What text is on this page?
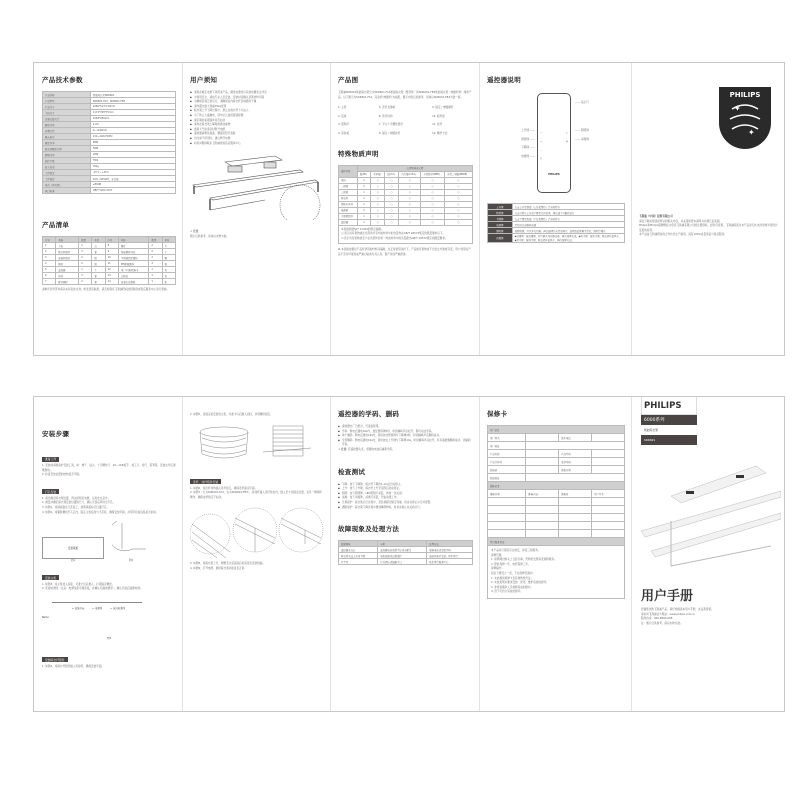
产品技术参数
产品名称	智能晾衣架SDR601
产品型号	SDR601-FA3、SDR601-FB3
产品尺寸	2280*513*110mm
主机尺寸	1174*358*75mm
安装孔距尺寸	1048*280mm
额定功率	2.2m
升降行程	0~1190mm
输入电压	220~240V/50Hz
额定功率	88W
晾衣架额定功率	58W
照明功率	18W
防护等级	TW2
最大荷重	35kg
工作温度	-15℃~+45℃
工作湿度	10%~90%RH，无冷凝
噪音（声压级）	≤65dB
执行标准	QB/T 5202-2017
产品清单
序号	名称	数量	单位	序号	名称	数量	单位
1	主机	1	台	8	螺钉	2	片
2	晾衣杆组件	2	套	9	伸缩横杆挂扣	2	个
3	连接杆组件	2	根	10	不锈钢固定螺栓	2	颗
4	横杆	2	根	11	M5膨胀螺栓	4	套
5	遥控器	1	个	12	用户手册/保修卡	1	份
6	挂钩	2	套	13	合格证	1	份
7	配件螺栓	2	套	14	安装孔位模板	1	张
清单所列零部件请以实际包装为准，如发现有缺损，请及时联系飞利浦授权的经销商或售后服务中心进行更换。
用户须知
● 请用在额定电源下使用本产品，避免电源线与其他电器发生冲突
● 为使用安全，请由专业人员安装，安装时需确认顶部结构牢固
● 为确保负载正常运行，请确保室内晾衣杆区域通风干燥
● 请勿超过最大荷重35kg使用
● 晾衣架上升下降过程中，禁止在晾衣杆下方站人
● 为了防止儿童触电，请勿让儿童玩耍遥控器
● 请定期检查紧固件是否松动
● 请勿在晾衣架上攀爬或悬挂重物
● 雷雨天气时请及时断开电源
● 遥控器请避免高温、潮湿及阳光直射
● 长时间不使用时，建议断开电源
● 如有问题请联系飞利浦授权售后服务中心
⚠ 注意
图示仅供参考，具体以实物为准。
产品图
飞利浦SDR601智能晾衣架分为SDR601-FA3智能晾衣架（整杆款）和SDR601-FB3智能晾衣架（伸缩杆款）两款产品，以下图示为SDR601-FA3，其余杆(伸缩杆)为标配，图示内容仅供参考，具体以SDR601-FB3为准一版。
1. 主机	5. 连杆支撑板	9. 固定 / 伸缩横杆
2. 底座	6. 连杆挂钩	10. 晾杆座
3. 照明灯	7. 平头十字螺丝组件	11. 挂杆
4. 顶装板	8. 固定 / 伸缩挂杆	12. 侧杆卡扣
特殊物质声明
部件名称	有害物质或元素					
	铅(Pb)	汞(Hg)	镉(Cd)	六价铬(Cr6+)	多溴联苯(PBB)	多溴二苯醚(PBDE)
电机	×	○	○	○	○	○
二极管	×	○	○	○	○	○
三极管	×	○	○	○	○	○
晾衣杆	×	○	○	○	○	○
塑胶外壳件	×	○	○	○	○	○
电路板	×	○	○	○	○	○
金属紧固件	×	○	○	○	○	○
遥控器	×	○	○	○	○	○
本表格依据SJ/T 11364的规定编制。
○:表示该有害物质在该部件所有均质材料中的含量均在GB/T 26572规定的限量要求以下。
×:表示该有害物质至少在该部件的某一均质材料中的含量超出GB/T 26572规定的限量要求。
♻ 本表格依据该产品所使用的材料而编制，在正常使用条件下，产品的有害物质不会发生外泄或突变，用户使用该产品不会对环境造成严重污染或对其人身、财产造成严重损害。
遥控器说明
⌃
—
⌄
○
☼
◎
PHILIPS
上升键 ——
暂停键 ——
下降键 ——
电源键 ——
—— 指示灯
—— 照明键
—— 消毒键
上升键	点击上升至顶部（上位报警位）后自动停止
暂停键	点击可停止上升或下降至任何位置，再次按下可继续运行
下降键	点击下降至底部（下位报警位）后自动停止
电源键	启动或关闭整机电源
照明键	按照明键，灯具开关切换；再次按键灯光亮度调节；连续按此键调节亮度、照明等模式
消毒键	◆消毒键：按消毒键，开启紫外线消毒功能；再次按键关闭。◆风干键：按风干键，晾衣架开始风干。◆烘干键：按烘干键，晾衣架开始烘干，再次按键关闭。
PHILIPS
✦
✦
飞利浦（中国）投资有限公司
请在下载前阅读说明书的相关内容，并妥善保管本说明书以便日后查阅。
Philips和Philips盾牌图标为皇家飞利浦有限公司的注册商标，经许可使用，飞利浦保留对本产品进行技术改进和外观设计变更的权利。
本产品由飞利浦授权的合作伙伴生产制造，具有100%质量保证与售后服务。
安装步骤
准备工作
1. 安装前请准备好安装工具，如：梯子、钻头、十字螺丝刀、10~14#扳手、美工刀、卷尺、铅笔等，安装完毕后清理现场。
2. 检查安装位置的结构是否牢固。
打孔安装
1. 请先确定晾衣架位置，再关闭相应电源，以免发生意外。
2. 测量并确定晾衣架安装位置的尺寸，确认无误后再进行打孔。
3. 如图1，将模板贴在天花板上，按照模板标记位置打孔。
4. 如图2，将膨胀螺栓打入孔内，固定主机底座与天花板，确保安装牢固，并用手检查底座是否松动。
安装模板
图1	图2
安装主机
1. 如图3，将主机挂入底座，对准卡位后推入，拧紧固定螺丝。
2. 连接电源线（注意：电源线需可靠连接，并确认无漏电情况），确认无误后接通电源。
Remo
← 安装方向	← 电源线	← 室内电源线
图3
安装晾衣杆组件
1. 如图4，将晾衣杆组件插入连接杆，确保安装牢固。
2. 如图5，将固定板安装到主机，对准卡口后推入到位，并用螺丝固定。
连杆、挂杆组件安装
1. 如图6，将连杆挂钩插入连杆挂孔，确保连杆固定牢固。
2. 如图7（左为SDR601-FA3，右为SDR601-FB3），将挂杆插入连杆挂扣内，推入至卡扣固定位置，在另一侧同样操作，确保挂杆稳定不松动。
3. 如图8，将晾衣架上升，调整至合适高度后检查是否安装稳固。
4. 如图9，打开电源，测试晾衣架功能是否正常。
遥控器的学码、删码
● 遥控器出厂已配对，可直接使用。
● 学码：断电后通电10s内，按住暂停键5秒，听到蜂鸣声后松开，即可完成学码。
● 单个删码：断电后通电10s内，同时按住暂停键与下降键5秒，听到蜂鸣声后删码成功。
● 全部删码：断电后通电10s内，同时按住上升键与下降键10s，听到蜂鸣声后松开，所有遥控器删码成功，需重新学码。
⚠ 注意: 若遥控器失灵，请更换电池后重新学码。
检查测试
● 下降：按下下降键，晾衣杆下降约1.1m后自动停止。
● 上升：按下上升键，晾衣杆上升至顶部后自动停止。
● 照明：按下照明键，LED照明灯亮起，再按一次关闭。
● 消毒：按下消毒键，消毒灯亮起，开始消毒工作。
● 过载保护：晾衣架运行过程中，若负载超过额定荷重，将自动停止运行并报警。
● 遇阻保护：晾衣架下降过程中遇到障碍物时，将自动停止并反向运行。
故障现象及处理方法
故障现象	分析	处理方法
遥控器无反应	遥控器电池电量不足或未配对	更换电池或重新学码
晾衣架无法上升或下降	电机故障或过载保护	减轻负载后重试，联系售后
灯不亮	灯具损坏或接触不良	联系售后服务中心
保修卡
用户信息			
用户姓名		联系电话	
用户地址			
产品名称		产品型号	
产品序列号		发票号码	
经销商		购机日期	
经销地址			
维修记录			
维修日期	维修内容	维修员	用户签名

售后服务承诺			
本产品执行国家有关规定，享受三包服务。
保修范围：
1. 保修期自购买之日起计算，凭购机发票享受保修服务。
2. 整机保修一年，电机保修三年。
保修除外：
因以下情况之一者，不在保修范围内：
1. 未能提供保修卡及有效购机凭证；
2. 未按说明书要求安装、使用、维护造成的损坏；
3. 非授权服务人员拆修造成的损坏；
4. 因不可抗力造成的损坏。
PHILIPS
6000系列
智能晾衣架
SDR601
用户手册
感谢您选购飞利浦产品，请仔细阅读本用户手册，并妥善保管。
请访问飞利浦官方网站：www.philips.com.cn
服务热线：400-8800-008
注：图片仅供参考，请以实物为准。
